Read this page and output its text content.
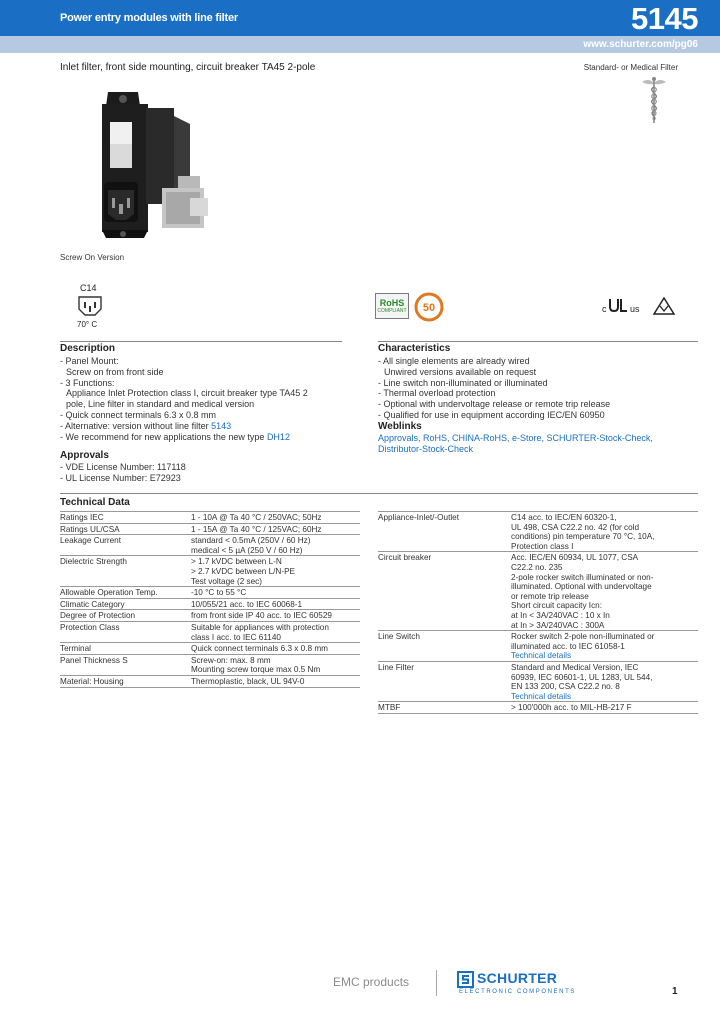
Power entry modules with line filter	5145
www.schurter.com/pg06
Inlet filter, front side mounting, circuit breaker TA45 2-pole	Standard- or Medical Filter
Screw On Version
C14
70° C
RoHS
COMPLIANT 50	c	us
Description
- Panel Mount:
Screw on from front side
- 3 Functions:
Appliance Inlet Protection class I, circuit breaker type TA45 2
pole, Line filter in standard and medical version
- Quick connect terminals 6.3 x 0.8 mm
- Alternative: version without line filter 5143
- We recommend for new applications the new type DH12
Approvals
- VDE License Number: 117118
- UL License Number: E72923
Characteristics
- All single elements are already wired
Unwired versions available on request
- Line switch non-illuminated or illuminated
- Thermal overload protection
- Optional with undervoltage release or remote trip release
- Qualified for use in equipment according IEC/EN 60950
Weblinks
Approvals, RoHS, CHINA-RoHS, e-Store, SCHURTER-Stock-Check, Distributor-Stock-Check
Technical Data
Ratings IEC	1 - 10A @ Ta 40 °C / 250VAC; 50Hz
Ratings UL/CSA	1 - 15A @ Ta 40 °C / 125VAC; 60Hz
Leakage Current	standard < 0.5mA (250V / 60 Hz)
medical < 5 µA (250 V / 60 Hz)
Dielectric Strength	> 1.7 kVDC between L-N
> 2.7 kVDC between L/N-PE
Test voltage (2 sec)
Allowable Operation Temp.	-10 °C to 55 °C
Climatic Category	10/055/21 acc. to IEC 60068-1
Degree of Protection	from front side IP 40 acc. to IEC 60529
Protection Class	Suitable for appliances with protection
class I acc. to IEC 61140
Terminal	Quick connect terminals 6.3 x 0.8 mm
Panel Thickness S	Screw-on: max. 8 mm
Mounting screw torque max 0.5 Nm
Material: Housing	Thermoplastic, black, UL 94V-0
Appliance-Inlet/-Outlet	C14 acc. to IEC/EN 60320-1,
UL 498, CSA C22.2 no. 42 (for cold
conditions) pin temperature 70 °C, 10A,
Protection class I
Circuit breaker	Acc. IEC/EN 60934, UL 1077, CSA
C22.2 no. 235
2-pole rocker switch illuminated or non-
illuminated. Optional with undervoltage
or remote trip release
Short circuit capacity Icn:
at In < 3A/240VAC : 10 x In
at In > 3A/240VAC : 300A
Line Switch	Rocker switch 2-pole non-illuminated or
illuminated acc. to IEC 61058-1
Technical details
Line Filter	Standard and Medical Version, IEC
60939, IEC 60601-1, UL 1283, UL 544,
EN 133 200, CSA C22.2 no. 8
Technical details
MTBF	> 100'000h acc. to MIL-HB-217 F
EMC products	SCHURTER
ELECTRONIC COMPONENTS	1
